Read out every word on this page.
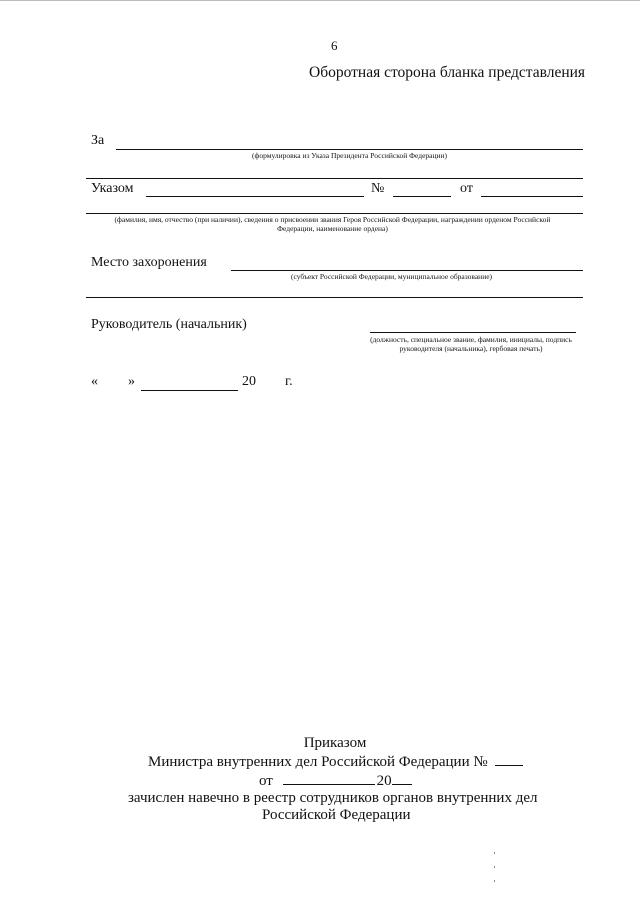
6
Оборотная сторона бланка представления
За
(формулировка из Указа Президента Российской Федерации)
Указом	№	от
(фамилия, имя, отчество (при наличии), сведения о присвоении звания Героя Российской Федерации, награждении орденом Российской Федерации, наименование ордена)
Место захоронения
(субъект Российской Федерации, муниципальное образование)
Руководитель (начальник)
(должность, специальное звание, фамилия, инициалы, подпись руководителя (начальника), гербовая печать)
« »	20 г.
Приказом
Министра внутренних дел Российской Федерации №
от	20
зачислен навечно в реестр сотрудников органов внутренних дел
Российской Федерации
